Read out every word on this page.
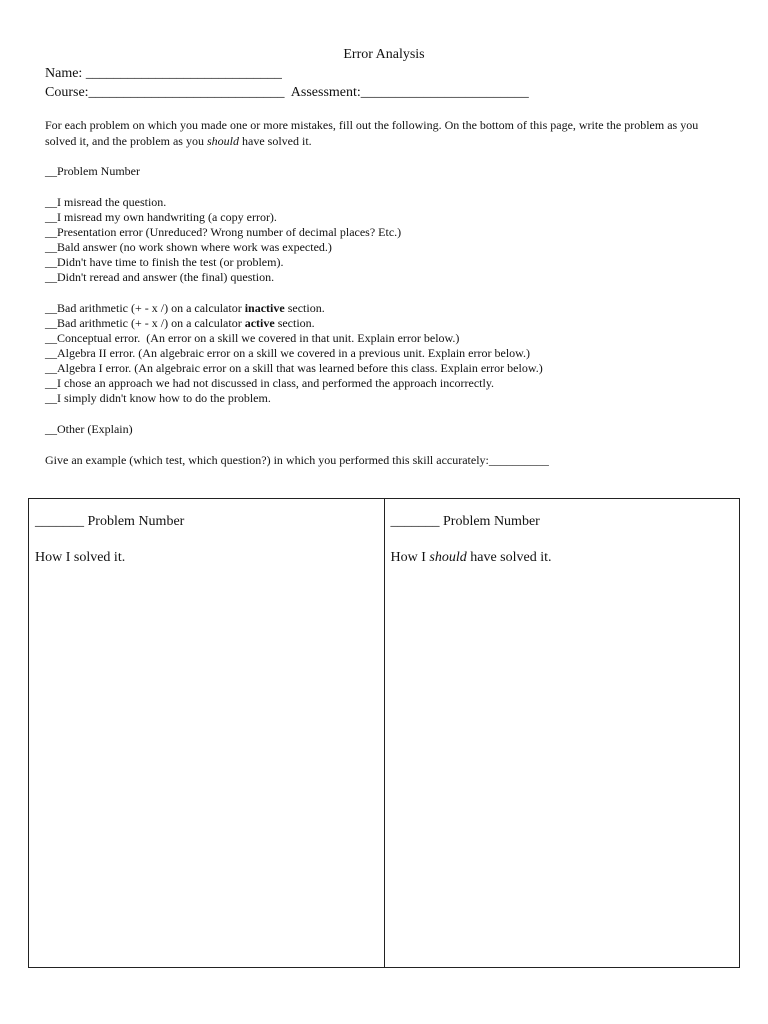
Error Analysis
Name: ____________________________
Course:____________________________  Assessment:________________________
For each problem on which you made one or more mistakes, fill out the following. On the bottom of this page, write the problem as you solved it, and the problem as you should have solved it.
__Problem Number
__I misread the question.
__I misread my own handwriting (a copy error).
__Presentation error (Unreduced? Wrong number of decimal places? Etc.)
__Bald answer (no work shown where work was expected.)
__Didn't have time to finish the test (or problem).
__Didn't reread and answer (the final) question.
__Bad arithmetic (+ - x /) on a calculator inactive section.
__Bad arithmetic (+ - x /) on a calculator active section.
__Conceptual error.  (An error on a skill we covered in that unit. Explain error below.)
__Algebra II error. (An algebraic error on a skill we covered in a previous unit. Explain error below.)
__Algebra I error. (An algebraic error on a skill that was learned before this class. Explain error below.)
__I chose an approach we had not discussed in class, and performed the approach incorrectly.
__I simply didn't know how to do the problem.
__Other (Explain)
Give an example (which test, which question?) in which you performed this skill accurately:__________
_______ Problem Number
How I solved it.
_______ Problem Number
How I should have solved it.
